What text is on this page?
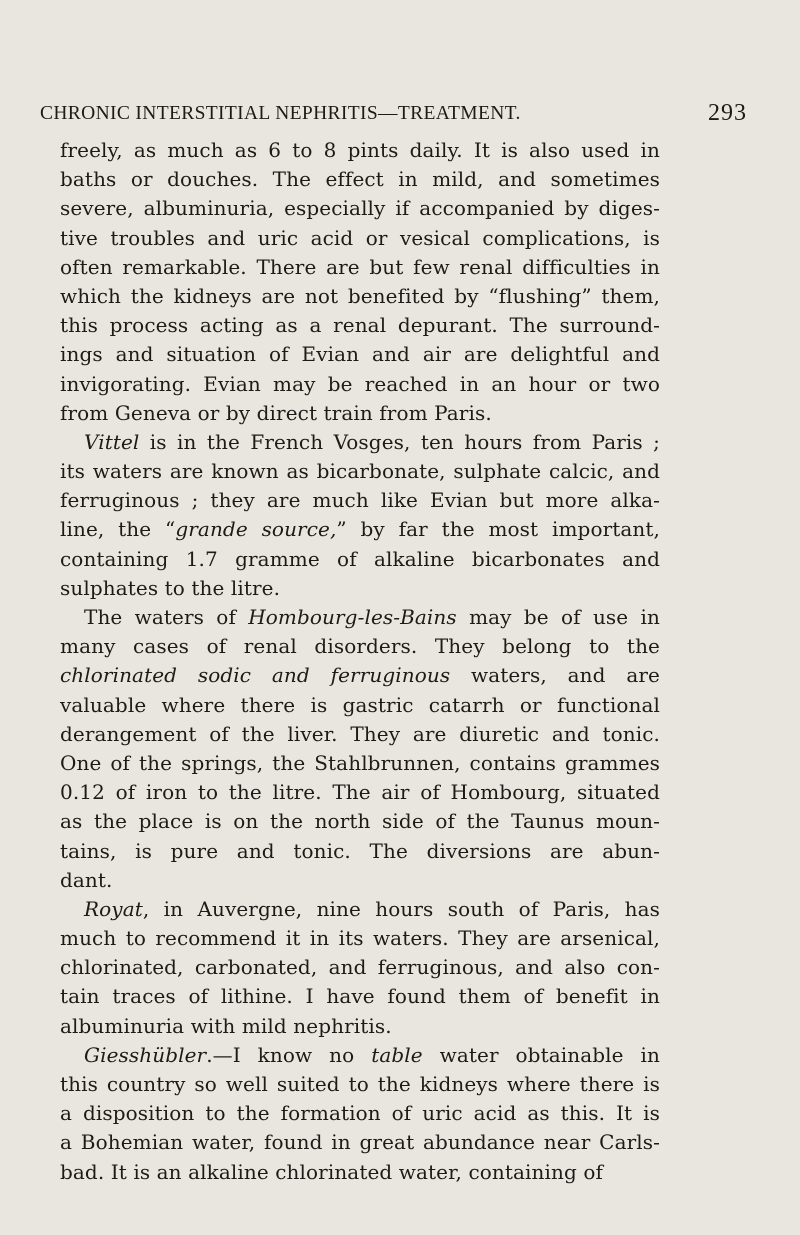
CHRONIC INTERSTITIAL NEPHRITIS—TREATMENT.	293
freely, as much as 6 to 8 pints daily. It is also used in
baths or douches. The effect in mild, and sometimes
severe, albuminuria, especially if accompanied by diges-
tive troubles and uric acid or vesical complications, is
often remarkable. There are but few renal difficulties in
which the kidneys are not benefited by “flushing” them,
this process acting as a renal depurant. The surround-
ings and situation of Evian and air are delightful and
invigorating. Evian may be reached in an hour or two
from Geneva or by direct train from Paris.
Vittel is in the French Vosges, ten hours from Paris ;
its waters are known as bicarbonate, sulphate calcic, and
ferruginous ; they are much like Evian but more alka-
line, the “grande source,” by far the most important,
containing 1.7 gramme of alkaline bicarbonates and
sulphates to the litre.
The waters of Hombourg-les-Bains may be of use in
many cases of renal disorders. They belong to the
chlorinated sodic and ferruginous waters, and are
valuable where there is gastric catarrh or functional
derangement of the liver. They are diuretic and tonic.
One of the springs, the Stahlbrunnen, contains grammes
0.12 of iron to the litre. The air of Hombourg, situated
as the place is on the north side of the Taunus moun-
tains, is pure and tonic. The diversions are abun-
dant.
Royat, in Auvergne, nine hours south of Paris, has
much to recommend it in its waters. They are arsenical,
chlorinated, carbonated, and ferruginous, and also con-
tain traces of lithine. I have found them of benefit in
albuminuria with mild nephritis.
Giesshübler.—I know no table water obtainable in
this country so well suited to the kidneys where there is
a disposition to the formation of uric acid as this. It is
a Bohemian water, found in great abundance near Carls-
bad. It is an alkaline chlorinated water, containing of
